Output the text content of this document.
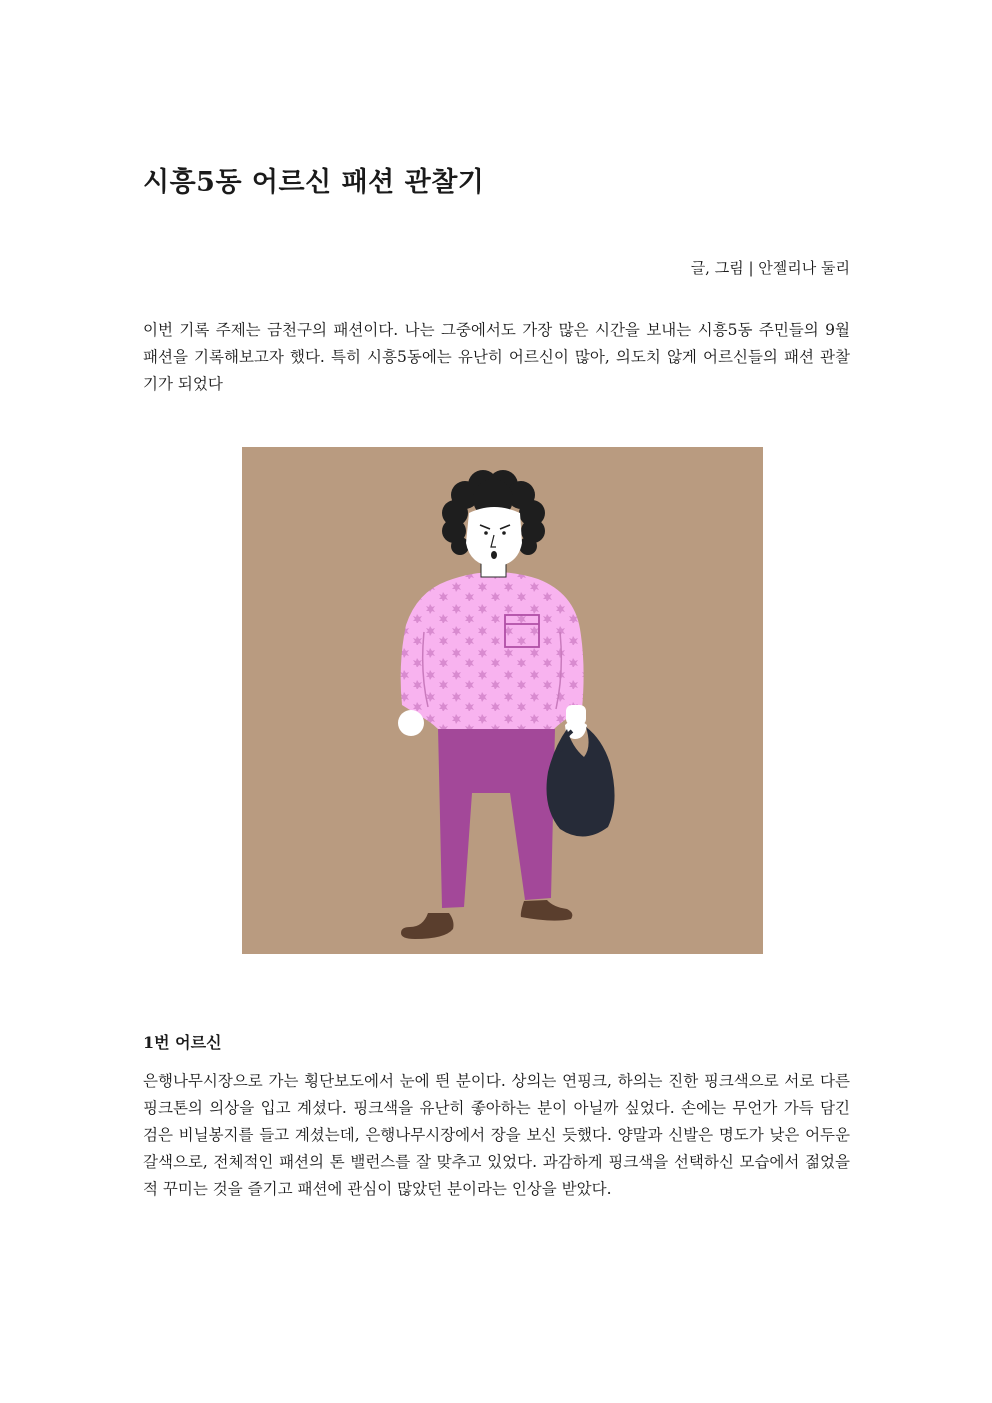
시흥5동 어르신 패션 관찰기
글, 그림 | 안젤리나 둘리

이번 기록 주제는 금천구의 패션이다. 나는 그중에서도 가장 많은 시간을 보내는 시흥5동 주민들의 9월 패션을 기록해보고자 했다. 특히 시흥5동에는 유난히 어르신이 많아, 의도치 않게 어르신들의 패션 관찰기가 되었다

1번 어르신

은행나무시장으로 가는 횡단보도에서 눈에 띈 분이다. 상의는 연핑크, 하의는 진한 핑크색으로 서로 다른 핑크톤의 의상을 입고 계셨다. 핑크색을 유난히 좋아하는 분이 아닐까 싶었다. 손에는 무언가 가득 담긴 검은 비닐봉지를 들고 계셨는데, 은행나무시장에서 장을 보신 듯했다. 양말과 신발은 명도가 낮은 어두운 갈색으로, 전체적인 패션의 톤 밸런스를 잘 맞추고 있었다. 과감하게 핑크색을 선택하신 모습에서 젊었을 적 꾸미는 것을 즐기고 패션에 관심이 많았던 분이라는 인상을 받았다.
